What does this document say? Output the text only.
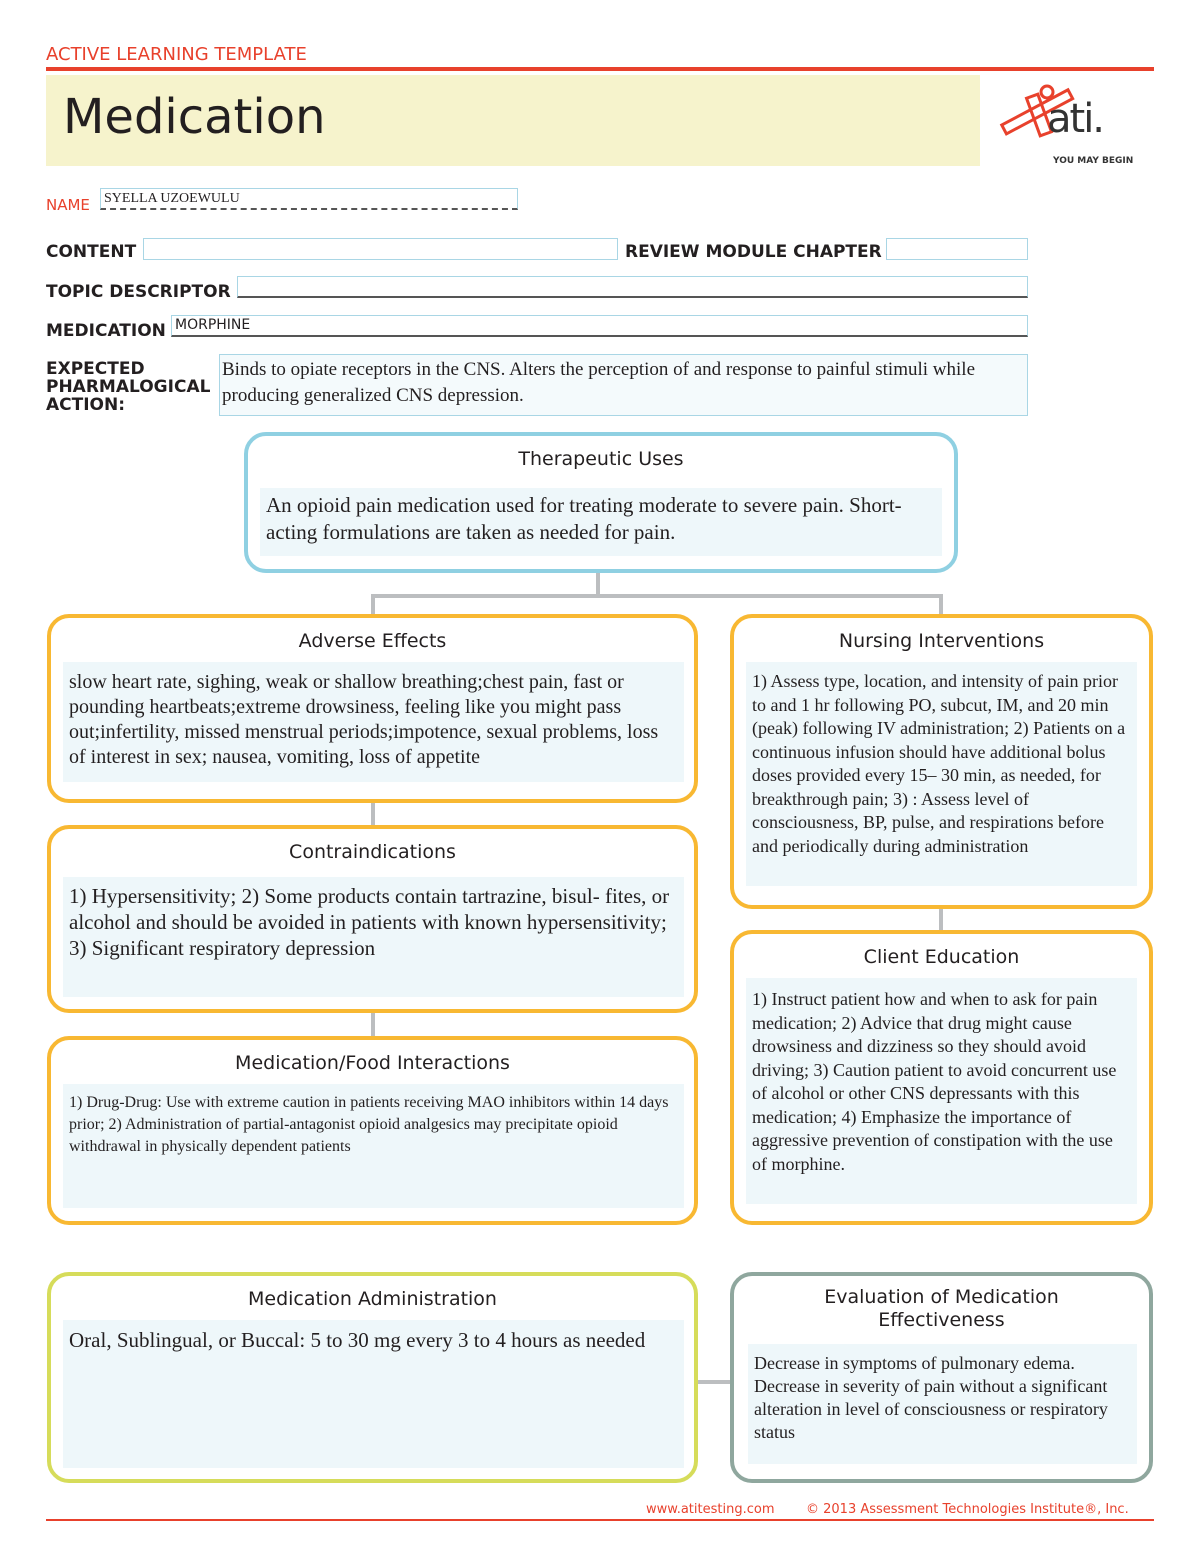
ACTIVE LEARNING TEMPLATE
Medication	ati.
YOU MAY BEGIN
NAME SYELLA UZOEWULU
CONTENT	REVIEW MODULE CHAPTER
TOPIC DESCRIPTOR
MEDICATION MORPHINE
EXPECTED PHARMALOGICAL ACTION:
Binds to opiate receptors in the CNS. Alters the perception of and response to painful stimuli while producing generalized CNS depression.
Therapeutic Uses
An opioid pain medication used for treating moderate to severe pain. Short-acting formulations are taken as needed for pain.
Adverse Effects
slow heart rate, sighing, weak or shallow breathing;chest pain, fast or pounding heartbeats;extreme drowsiness, feeling like you might pass out;infertility, missed menstrual periods;impotence, sexual problems, loss of interest in sex; nausea, vomiting, loss of appetite
Contraindications
1) Hypersensitivity; 2) Some products contain tartrazine, bisul- fites, or alcohol and should be avoided in patients with known hypersensitivity; 3) Significant respiratory depression
Medication/Food Interactions
1) Drug-Drug: Use with extreme caution in patients receiving MAO inhibitors within 14 days prior; 2) Administration of partial-antagonist opioid analgesics may precipitate opioid withdrawal in physically dependent patients
Nursing Interventions
1) Assess type, location, and intensity of pain prior to and 1 hr following PO, subcut, IM, and 20 min (peak) following IV administration; 2) Patients on a continuous infusion should have additional bolus doses provided every 15– 30 min, as needed, for breakthrough pain; 3) : Assess level of consciousness, BP, pulse, and respirations before and periodically during administration
Client Education
1) Instruct patient how and when to ask for pain medication; 2) Advice that drug might cause drowsiness and dizziness so they should avoid driving; 3) Caution patient to avoid concurrent use of alcohol or other CNS depressants with this medication; 4) Emphasize the importance of aggressive prevention of constipation with the use of morphine.
Medication Administration
Oral, Sublingual, or Buccal: 5 to 30 mg every 3 to 4 hours as needed
Evaluation of Medication Effectiveness
Decrease in symptoms of pulmonary edema. Decrease in severity of pain without a significant alteration in level of consciousness or respiratory status
www.atitesting.com © 2013 Assessment Technologies Institute®, Inc.
